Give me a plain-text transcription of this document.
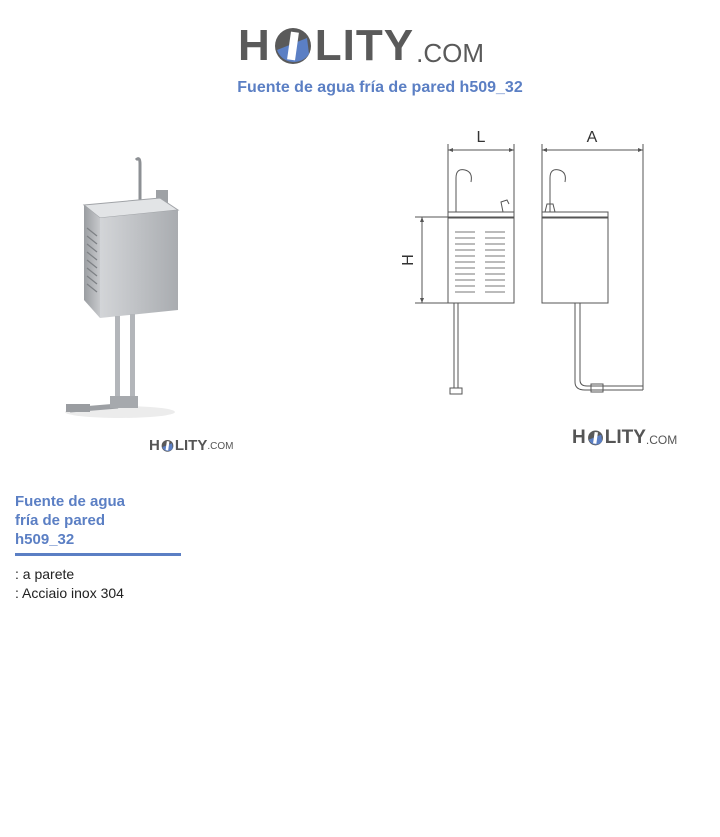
H LITY .COM
Fuente de agua fría de pared h509_32
L	A
H
H LITY .COM	H LITY .COM
Fuente de agua
fría de pared
h509_32
: a parete
: Acciaio inox 304
